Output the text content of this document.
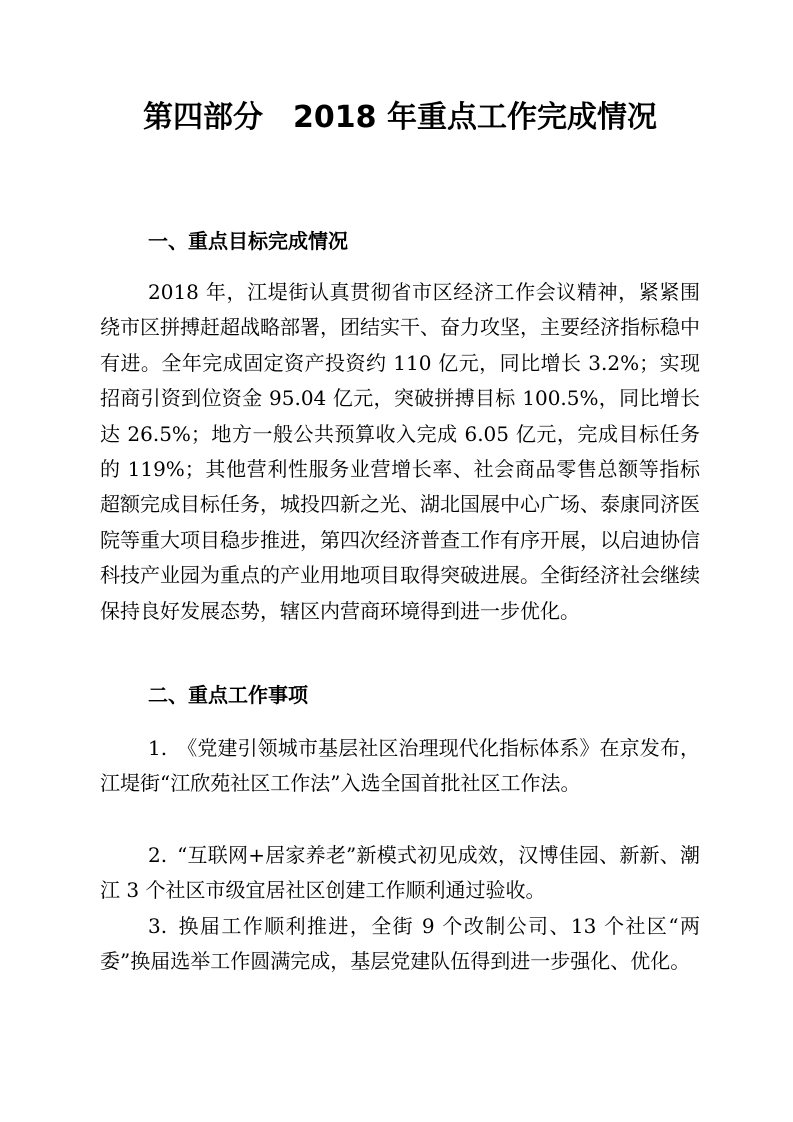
第四部分 2018 年重点工作完成情况
一、重点目标完成情况

2018 年，江堤街认真贯彻省市区经济工作会议精神，紧紧围绕市区拼搏赶超战略部署，团结实干、奋力攻坚，主要经济指标稳中有进。全年完成固定资产投资约 110 亿元，同比增长 3.2%；实现招商引资到位资金 95.04 亿元，突破拼搏目标 100.5%，同比增长达 26.5%；地方一般公共预算收入完成 6.05 亿元，完成目标任务的 119%；其他营利性服务业营增长率、社会商品零售总额等指标超额完成目标任务，城投四新之光、湖北国展中心广场、泰康同济医院等重大项目稳步推进，第四次经济普查工作有序开展，以启迪协信科技产业园为重点的产业用地项目取得突破进展。全街经济社会继续保持良好发展态势，辖区内营商环境得到进一步优化。

二、重点工作事项

1. 《党建引领城市基层社区治理现代化指标体系》在京发布，江堤街“江欣苑社区工作法”入选全国首批社区工作法。

2. “互联网+居家养老”新模式初见成效，汉博佳园、新新、潮江 3 个社区市级宜居社区创建工作顺利通过验收。

3. 换届工作顺利推进，全街 9 个改制公司、13 个社区“两委”换届选举工作圆满完成，基层党建队伍得到进一步强化、优化。
